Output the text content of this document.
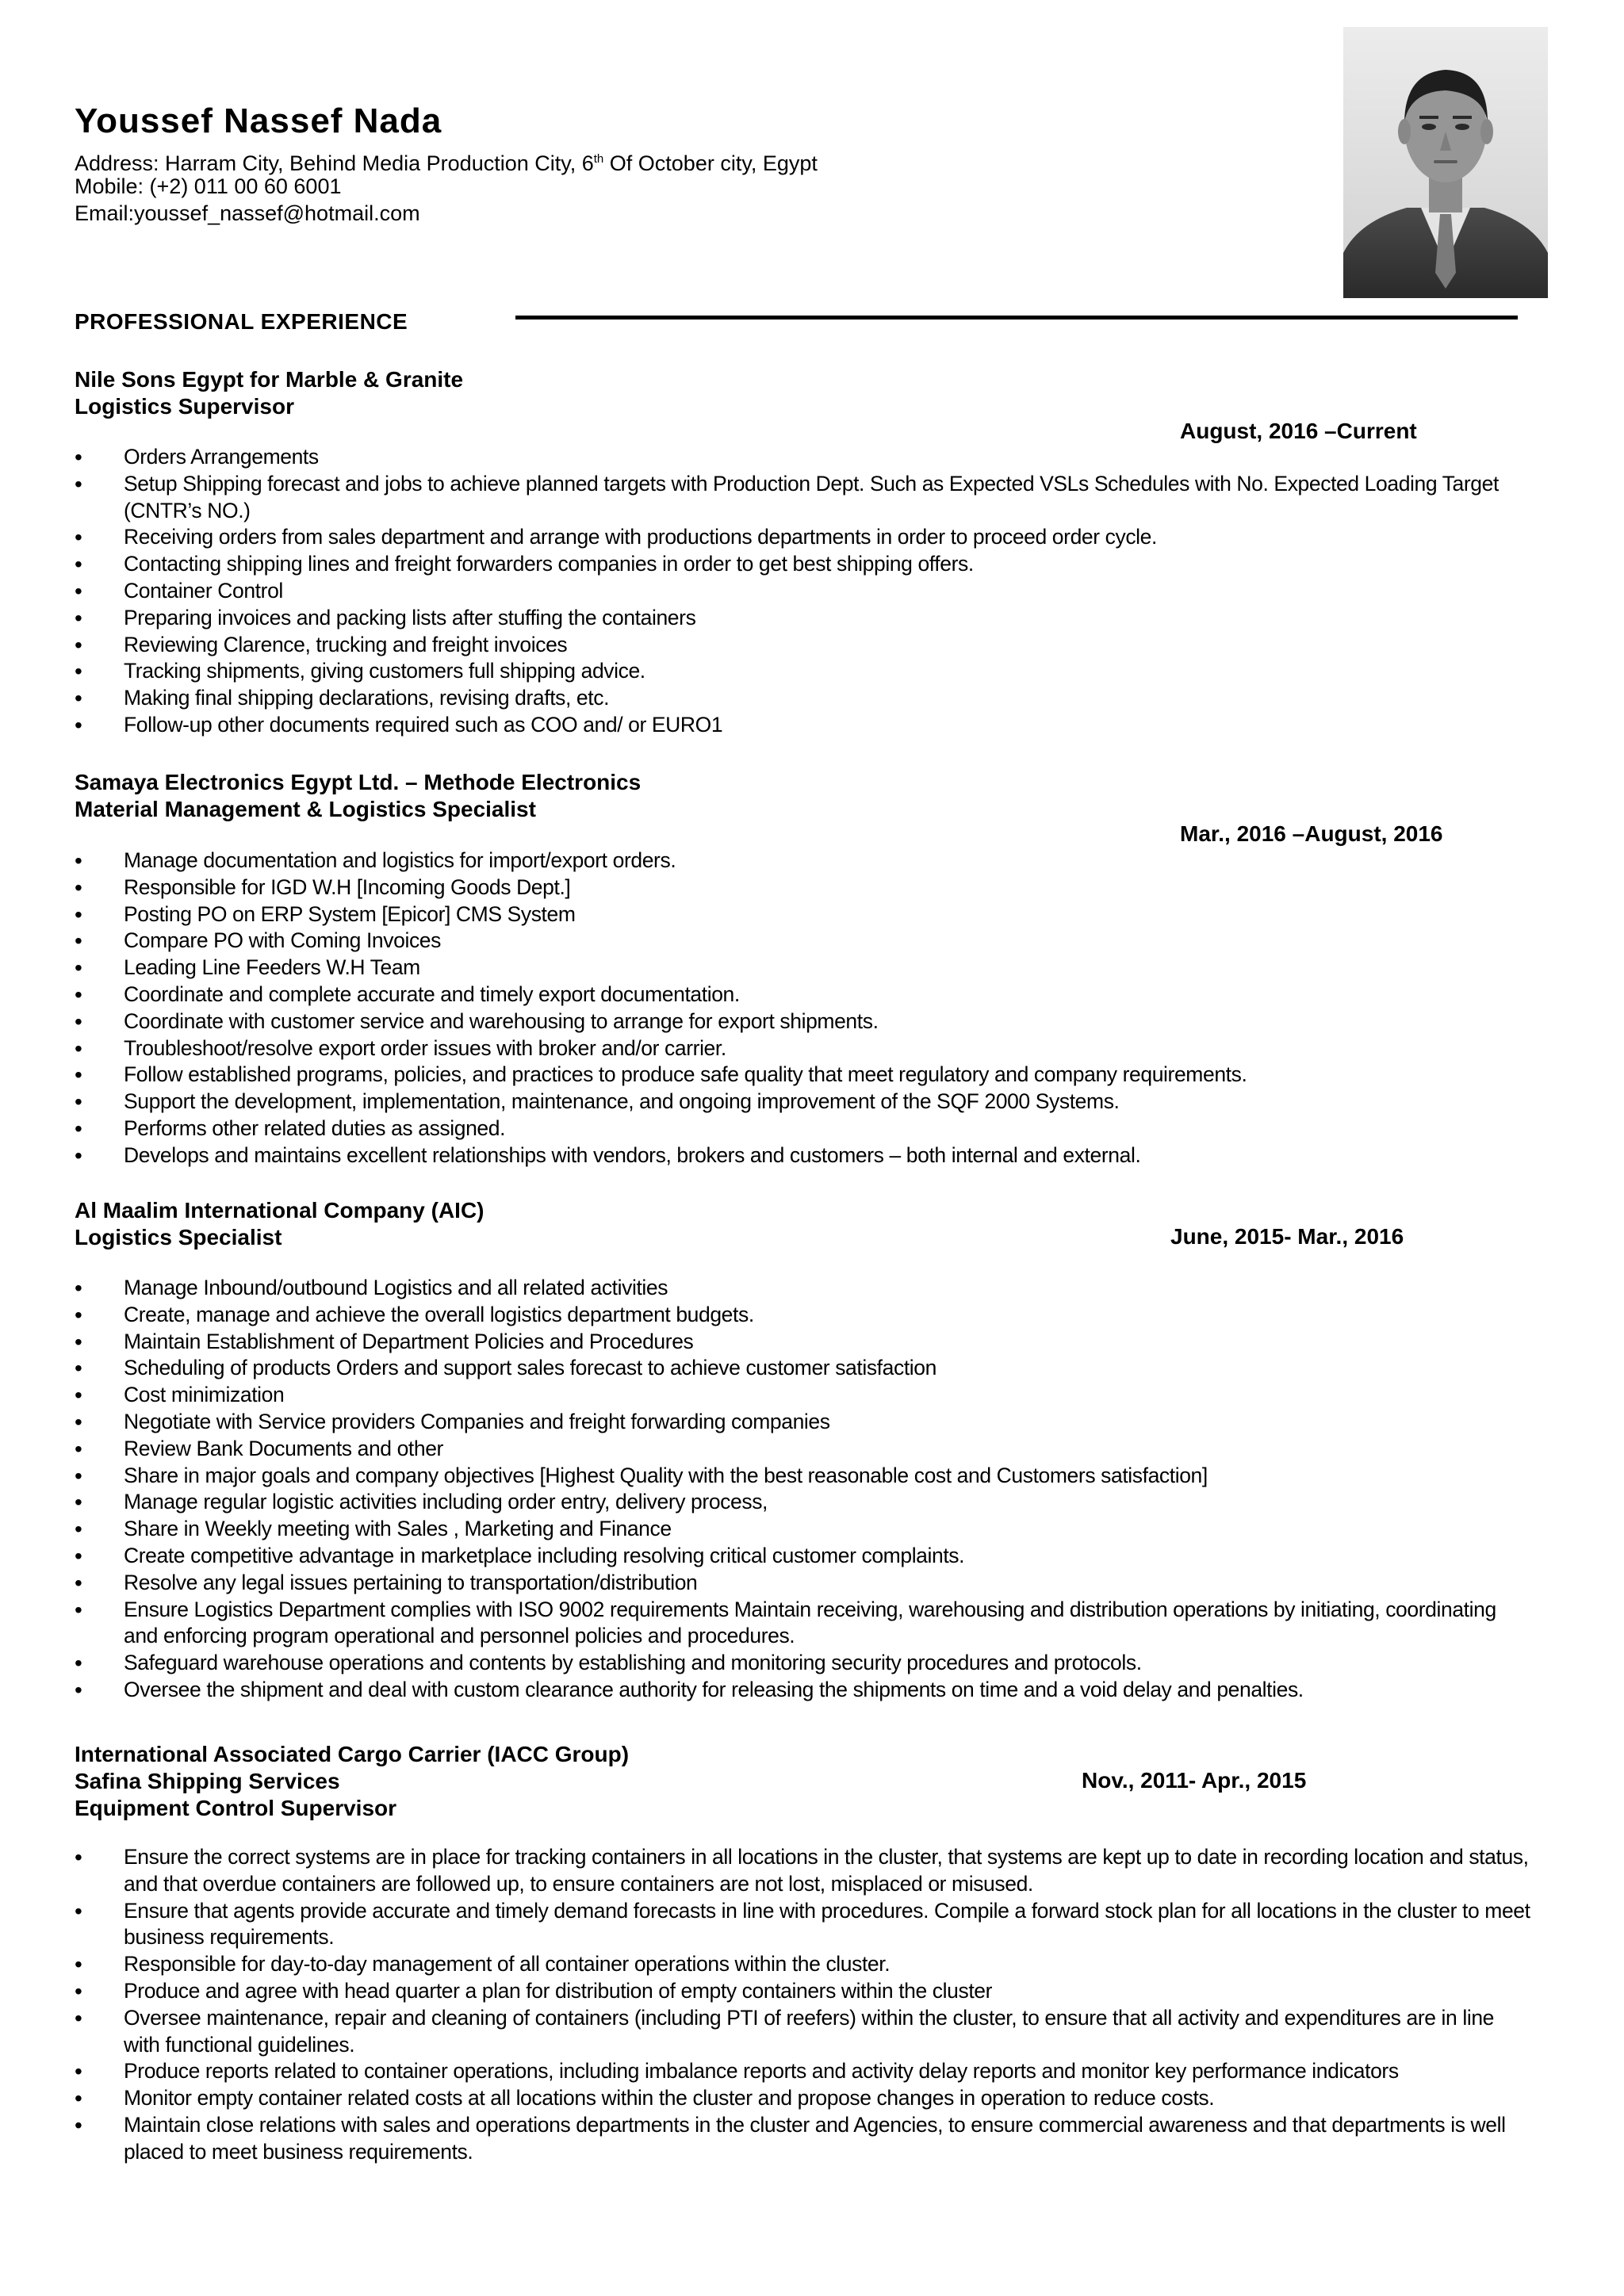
Youssef Nassef Nada
Address: Harram City, Behind Media Production City, 6th Of October city, Egypt
Mobile: (+2) 011 00 60 6001
Email:youssef_nassef@hotmail.com
PROFESSIONAL EXPERIENCE
Nile Sons Egypt for Marble & Granite
Logistics Supervisor
August, 2016 –Current
• Orders Arrangements
• Setup Shipping forecast and jobs to achieve planned targets with Production Dept. Such as Expected VSLs Schedules with No. Expected Loading Target (CNTR’s NO.)
• Receiving orders from sales department and arrange with productions departments in order to proceed order cycle.
• Contacting shipping lines and freight forwarders companies in order to get best shipping offers.
• Container Control
• Preparing invoices and packing lists after stuffing the containers
• Reviewing Clarence, trucking and freight invoices
• Tracking shipments, giving customers full shipping advice.
• Making final shipping declarations, revising drafts, etc.
• Follow-up other documents required such as COO and/ or EURO1
Samaya Electronics Egypt Ltd. – Methode Electronics
Material Management & Logistics Specialist
Mar., 2016 –August, 2016
• Manage documentation and logistics for import/export orders.
• Responsible for IGD W.H [Incoming Goods Dept.]
• Posting PO on ERP System [Epicor] CMS System
• Compare PO with Coming Invoices
• Leading Line Feeders W.H Team
• Coordinate and complete accurate and timely export documentation.
• Coordinate with customer service and warehousing to arrange for export shipments.
• Troubleshoot/resolve export order issues with broker and/or carrier.
• Follow established programs, policies, and practices to produce safe quality that meet regulatory and company requirements.
• Support the development, implementation, maintenance, and ongoing improvement of the SQF 2000 Systems.
• Performs other related duties as assigned.
• Develops and maintains excellent relationships with vendors, brokers and customers – both internal and external.
Al Maalim International Company (AIC)
Logistics Specialist	June, 2015- Mar., 2016
• Manage Inbound/outbound Logistics and all related activities
• Create, manage and achieve the overall logistics department budgets.
• Maintain Establishment of Department Policies and Procedures
• Scheduling of products Orders and support sales forecast to achieve customer satisfaction
• Cost minimization
• Negotiate with Service providers Companies and freight forwarding companies
• Review Bank Documents and other
• Share in major goals and company objectives [Highest Quality with the best reasonable cost and Customers satisfaction]
• Manage regular logistic activities including order entry, delivery process,
• Share in Weekly meeting with Sales , Marketing and Finance
• Create competitive advantage in marketplace including resolving critical customer complaints.
• Resolve any legal issues pertaining to transportation/distribution
• Ensure Logistics Department complies with ISO 9002 requirements Maintain receiving, warehousing and distribution operations by initiating, coordinating and enforcing program operational and personnel policies and procedures.
• Safeguard warehouse operations and contents by establishing and monitoring security procedures and protocols.
• Oversee the shipment and deal with custom clearance authority for releasing the shipments on time and a void delay and penalties.
International Associated Cargo Carrier (IACC Group)
Safina Shipping Services
Equipment Control Supervisor
Nov., 2011- Apr., 2015
• Ensure the correct systems are in place for tracking containers in all locations in the cluster, that systems are kept up to date in recording location and status, and that overdue containers are followed up, to ensure containers are not lost, misplaced or misused.
• Ensure that agents provide accurate and timely demand forecasts in line with procedures. Compile a forward stock plan for all locations in the cluster to meet business requirements.
• Responsible for day-to-day management of all container operations within the cluster.
• Produce and agree with head quarter a plan for distribution of empty containers within the cluster
• Oversee maintenance, repair and cleaning of containers (including PTI of reefers) within the cluster, to ensure that all activity and expenditures are in line with functional guidelines.
• Produce reports related to container operations, including imbalance reports and activity delay reports and monitor key performance indicators
• Monitor empty container related costs at all locations within the cluster and propose changes in operation to reduce costs.
• Maintain close relations with sales and operations departments in the cluster and Agencies, to ensure commercial awareness and that departments is well placed to meet business requirements.
